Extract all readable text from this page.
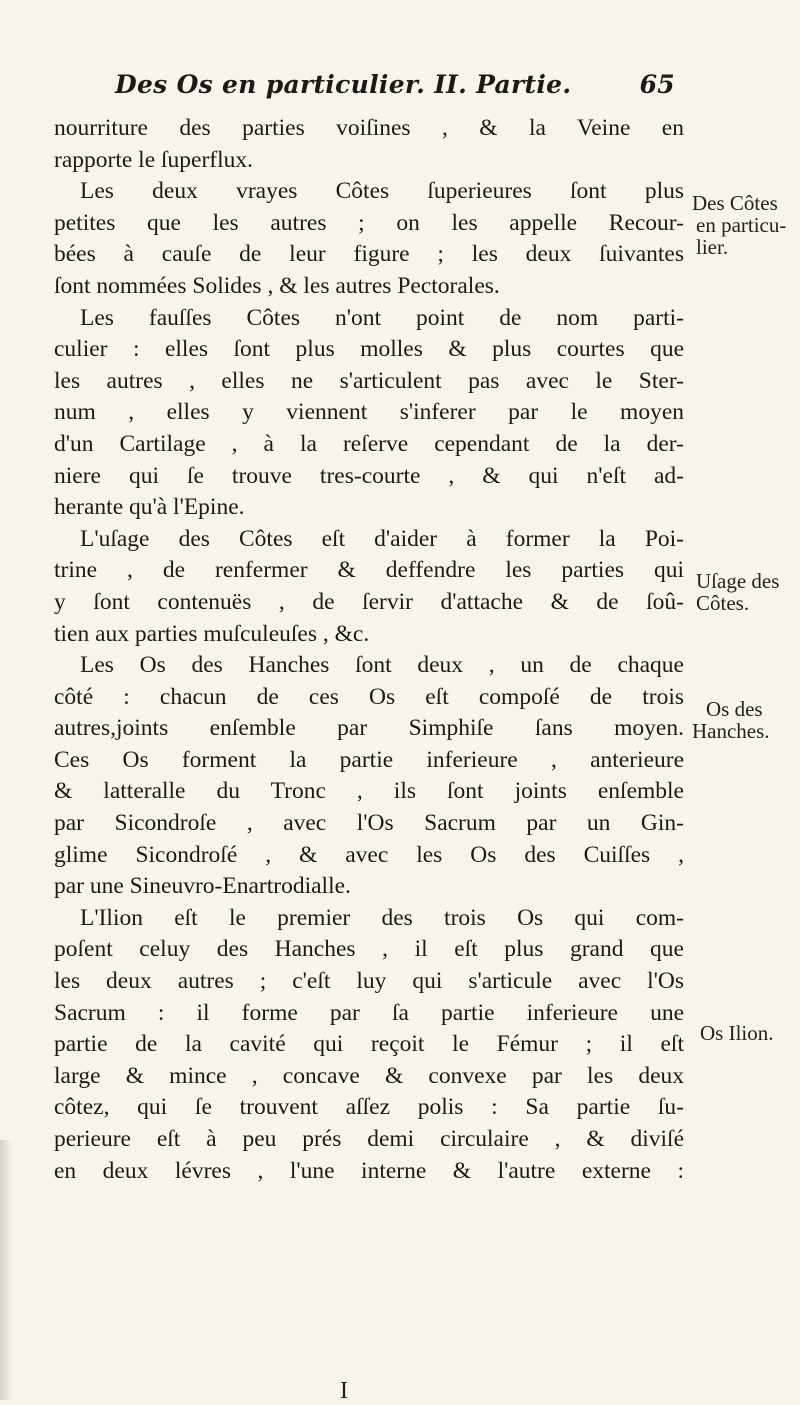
Des Os en particulier. II. Partie.	65
nourriture des parties voiſines , & la Veine en
rapporte le ſuperflux.
Les deux vrayes Côtes ſuperieures ſont plus
petites que les autres ; on les appelle Recour-
bées à cauſe de leur figure ; les deux ſuivantes
ſont nommées Solides , & les autres Pectorales.
Les fauſſes Côtes n'ont point de nom parti-
culier : elles ſont plus molles & plus courtes que
les autres , elles ne s'articulent pas avec le Ster-
num , elles y viennent s'inferer par le moyen
d'un Cartilage , à la reſerve cependant de la der-
niere qui ſe trouve tres-courte , & qui n'eſt ad-
herante qu'à l'Epine.
L'uſage des Côtes eſt d'aider à former la Poi-
trine , de renfermer & deffendre les parties qui
y ſont contenuës , de ſervir d'attache & de ſoû-
tien aux parties muſculeuſes , &c.
Les Os des Hanches ſont deux , un de chaque
côté : chacun de ces Os eſt compoſé de trois
autres,joints enſemble par Simphiſe ſans moyen.
Ces Os forment la partie inferieure , anterieure
& latteralle du Tronc , ils ſont joints enſemble
par Sicondroſe , avec l'Os Sacrum par un Gin-
glime Sicondroſé , & avec les Os des Cuiſſes ,
par une Sineuvro-Enartrodialle.
L'Ilion eſt le premier des trois Os qui com-
poſent celuy des Hanches , il eſt plus grand que
les deux autres ; c'eſt luy qui s'articule avec l'Os
Sacrum : il forme par ſa partie inferieure une
partie de la cavité qui reçoit le Fémur ; il eſt
large & mince , concave & convexe par les deux
côtez, qui ſe trouvent aſſez polis : Sa partie ſu-
perieure eſt à peu prés demi circulaire , & diviſé
en deux lévres , l'une interne & l'autre externe :
Des Côtes
en particu-
lier.
Uſage des
Côtes.
Os des
Hanches.
Os Ilion.
I
